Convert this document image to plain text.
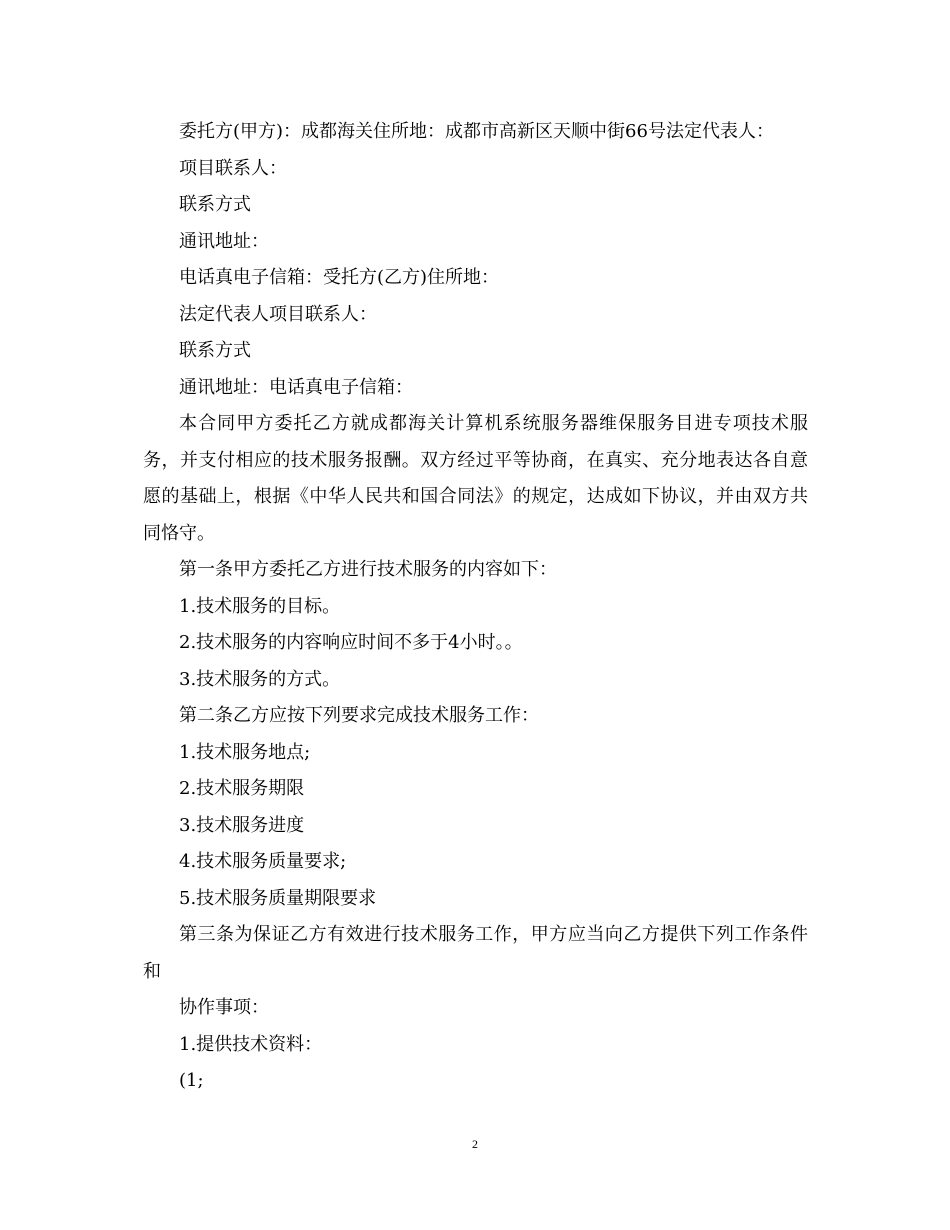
委托方(甲方)：成都海关住所地：成都市高新区天顺中街66号法定代表人：

项目联系人：

联系方式

通讯地址：

电话真电子信箱：受托方(乙方)住所地：

法定代表人项目联系人：

联系方式

通讯地址：电话真电子信箱：

本合同甲方委托乙方就成都海关计算机系统服务器维保服务目进专项技术服务，并支付相应的技术服务报酬。双方经过平等协商，在真实、充分地表达各自意愿的基础上，根据《中华人民共和国合同法》的规定，达成如下协议，并由双方共同恪守。

第一条甲方委托乙方进行技术服务的内容如下：

1.技术服务的目标。

2.技术服务的内容响应时间不多于4小时。。

3.技术服务的方式。

第二条乙方应按下列要求完成技术服务工作：

1.技术服务地点;

2.技术服务期限

3.技术服务进度

4.技术服务质量要求;

5.技术服务质量期限要求

第三条为保证乙方有效进行技术服务工作，甲方应当向乙方提供下列工作条件和

协作事项：

1.提供技术资料：

(1;

2
